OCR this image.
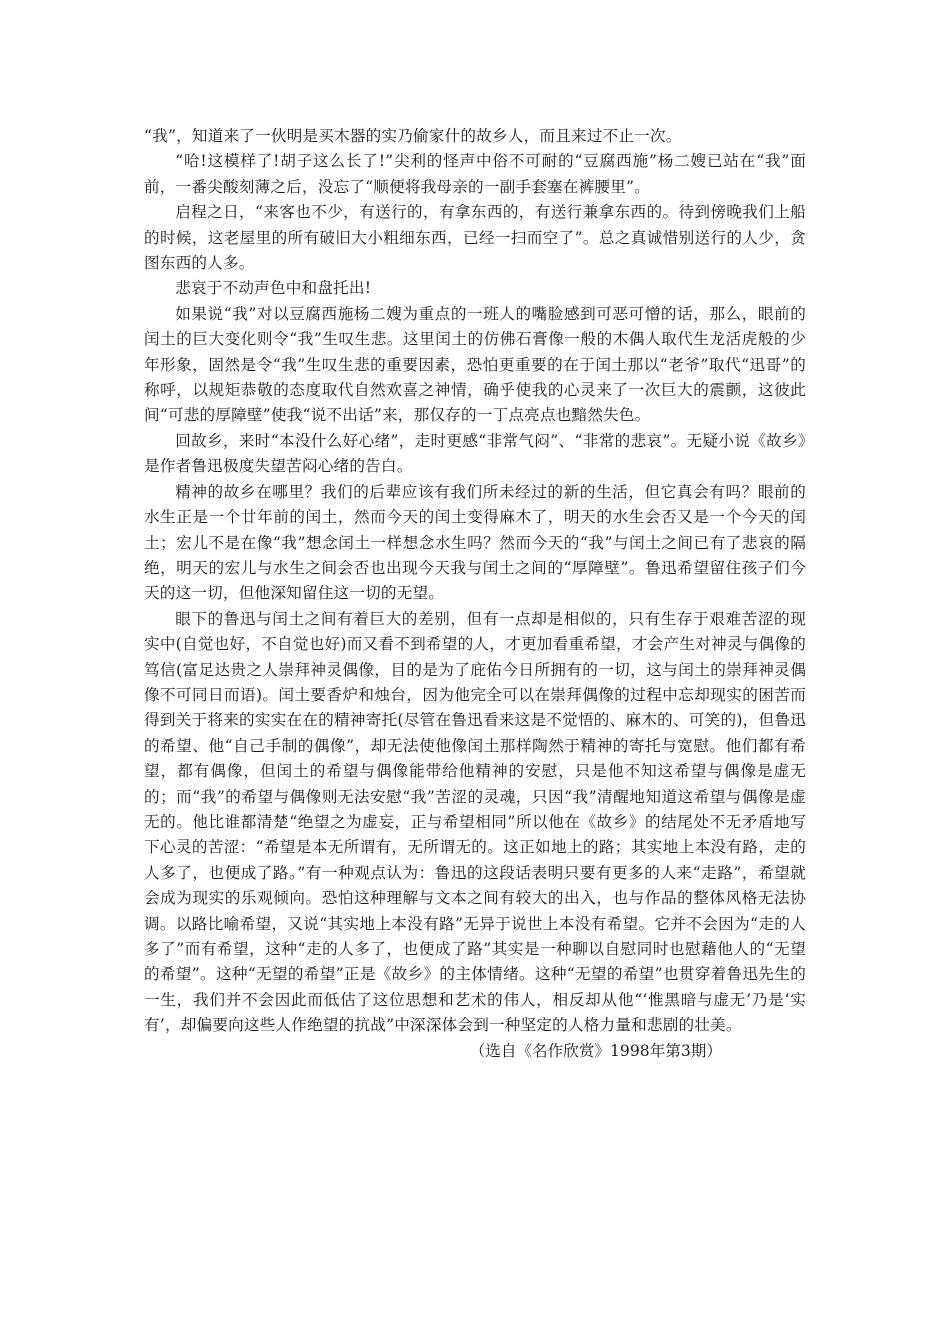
“我”，知道来了一伙明是买木器的实乃偷家什的故乡人，而且来过不止一次。

“哈!这模样了!胡子这么长了!”尖利的怪声中俗不可耐的“豆腐西施”杨二嫂已站在“我”面前，一番尖酸刻薄之后，没忘了“顺便将我母亲的一副手套塞在裤腰里”。

启程之日，“来客也不少，有送行的，有拿东西的，有送行兼拿东西的。待到傍晚我们上船的时候，这老屋里的所有破旧大小粗细东西，已经一扫而空了”。总之真诚惜别送行的人少，贪图东西的人多。

悲哀于不动声色中和盘托出!

如果说“我”对以豆腐西施杨二嫂为重点的一班人的嘴脸感到可恶可憎的话，那么，眼前的闰土的巨大变化则令“我”生叹生悲。这里闰土的仿佛石膏像一般的木偶人取代生龙活虎般的少年形象，固然是令“我”生叹生悲的重要因素，恐怕更重要的在于闰土那以“老爷”取代“迅哥”的称呼，以规矩恭敬的态度取代自然欢喜之神情，确乎使我的心灵来了一次巨大的震颤，这彼此间“可悲的厚障壁”使我“说不出话”来，那仅存的一丁点亮点也黯然失色。

回故乡，来时“本没什么好心绪”，走时更感“非常气闷”、“非常的悲哀”。无疑小说《故乡》是作者鲁迅极度失望苦闷心绪的告白。

精神的故乡在哪里？我们的后辈应该有我们所未经过的新的生活，但它真会有吗？眼前的水生正是一个廿年前的闰土，然而今天的闰土变得麻木了，明天的水生会否又是一个今天的闰土；宏儿不是在像“我”想念闰土一样想念水生吗？然而今天的“我”与闰土之间已有了悲哀的隔绝，明天的宏儿与水生之间会否也出现今天我与闰土之间的“厚障壁”。鲁迅希望留住孩子们今天的这一切，但他深知留住这一切的无望。

眼下的鲁迅与闰土之间有着巨大的差别，但有一点却是相似的，只有生存于艰难苦涩的现实中(自觉也好，不自觉也好)而又看不到希望的人，才更加看重希望，才会产生对神灵与偶像的笃信(富足达贵之人崇拜神灵偶像，目的是为了庇佑今日所拥有的一切，这与闰土的崇拜神灵偶像不可同日而语)。闰土要香炉和烛台，因为他完全可以在崇拜偶像的过程中忘却现实的困苦而得到关于将来的实实在在的精神寄托(尽管在鲁迅看来这是不觉悟的、麻木的、可笑的)，但鲁迅的希望、他“自己手制的偶像”，却无法使他像闰土那样陶然于精神的寄托与宽慰。他们都有希望，都有偶像，但闰土的希望与偶像能带给他精神的安慰，只是他不知这希望与偶像是虚无的；而“我”的希望与偶像则无法安慰“我”苦涩的灵魂，只因“我”清醒地知道这希望与偶像是虚无的。他比谁都清楚“绝望之为虚妄，正与希望相同”所以他在《故乡》的结尾处不无矛盾地写下心灵的苦涩：“希望是本无所谓有，无所谓无的。这正如地上的路；其实地上本没有路，走的人多了，也便成了路。”有一种观点认为：鲁迅的这段话表明只要有更多的人来“走路”，希望就会成为现实的乐观倾向。恐怕这种理解与文本之间有较大的出入，也与作品的整体风格无法协调。以路比喻希望，又说“其实地上本没有路”无异于说世上本没有希望。它并不会因为“走的人多了”而有希望，这种“走的人多了，也便成了路”其实是一种聊以自慰同时也慰藉他人的“无望的希望”。这种“无望的希望”正是《故乡》的主体情绪。这种“无望的希望”也贯穿着鲁迅先生的一生，我们并不会因此而低估了这位思想和艺术的伟人，相反却从他“‘惟黑暗与虚无’乃是‘实有’，却偏要向这些人作绝望的抗战”中深深体会到一种坚定的人格力量和悲剧的壮美。

（选自《名作欣赏》1998年第3期）
